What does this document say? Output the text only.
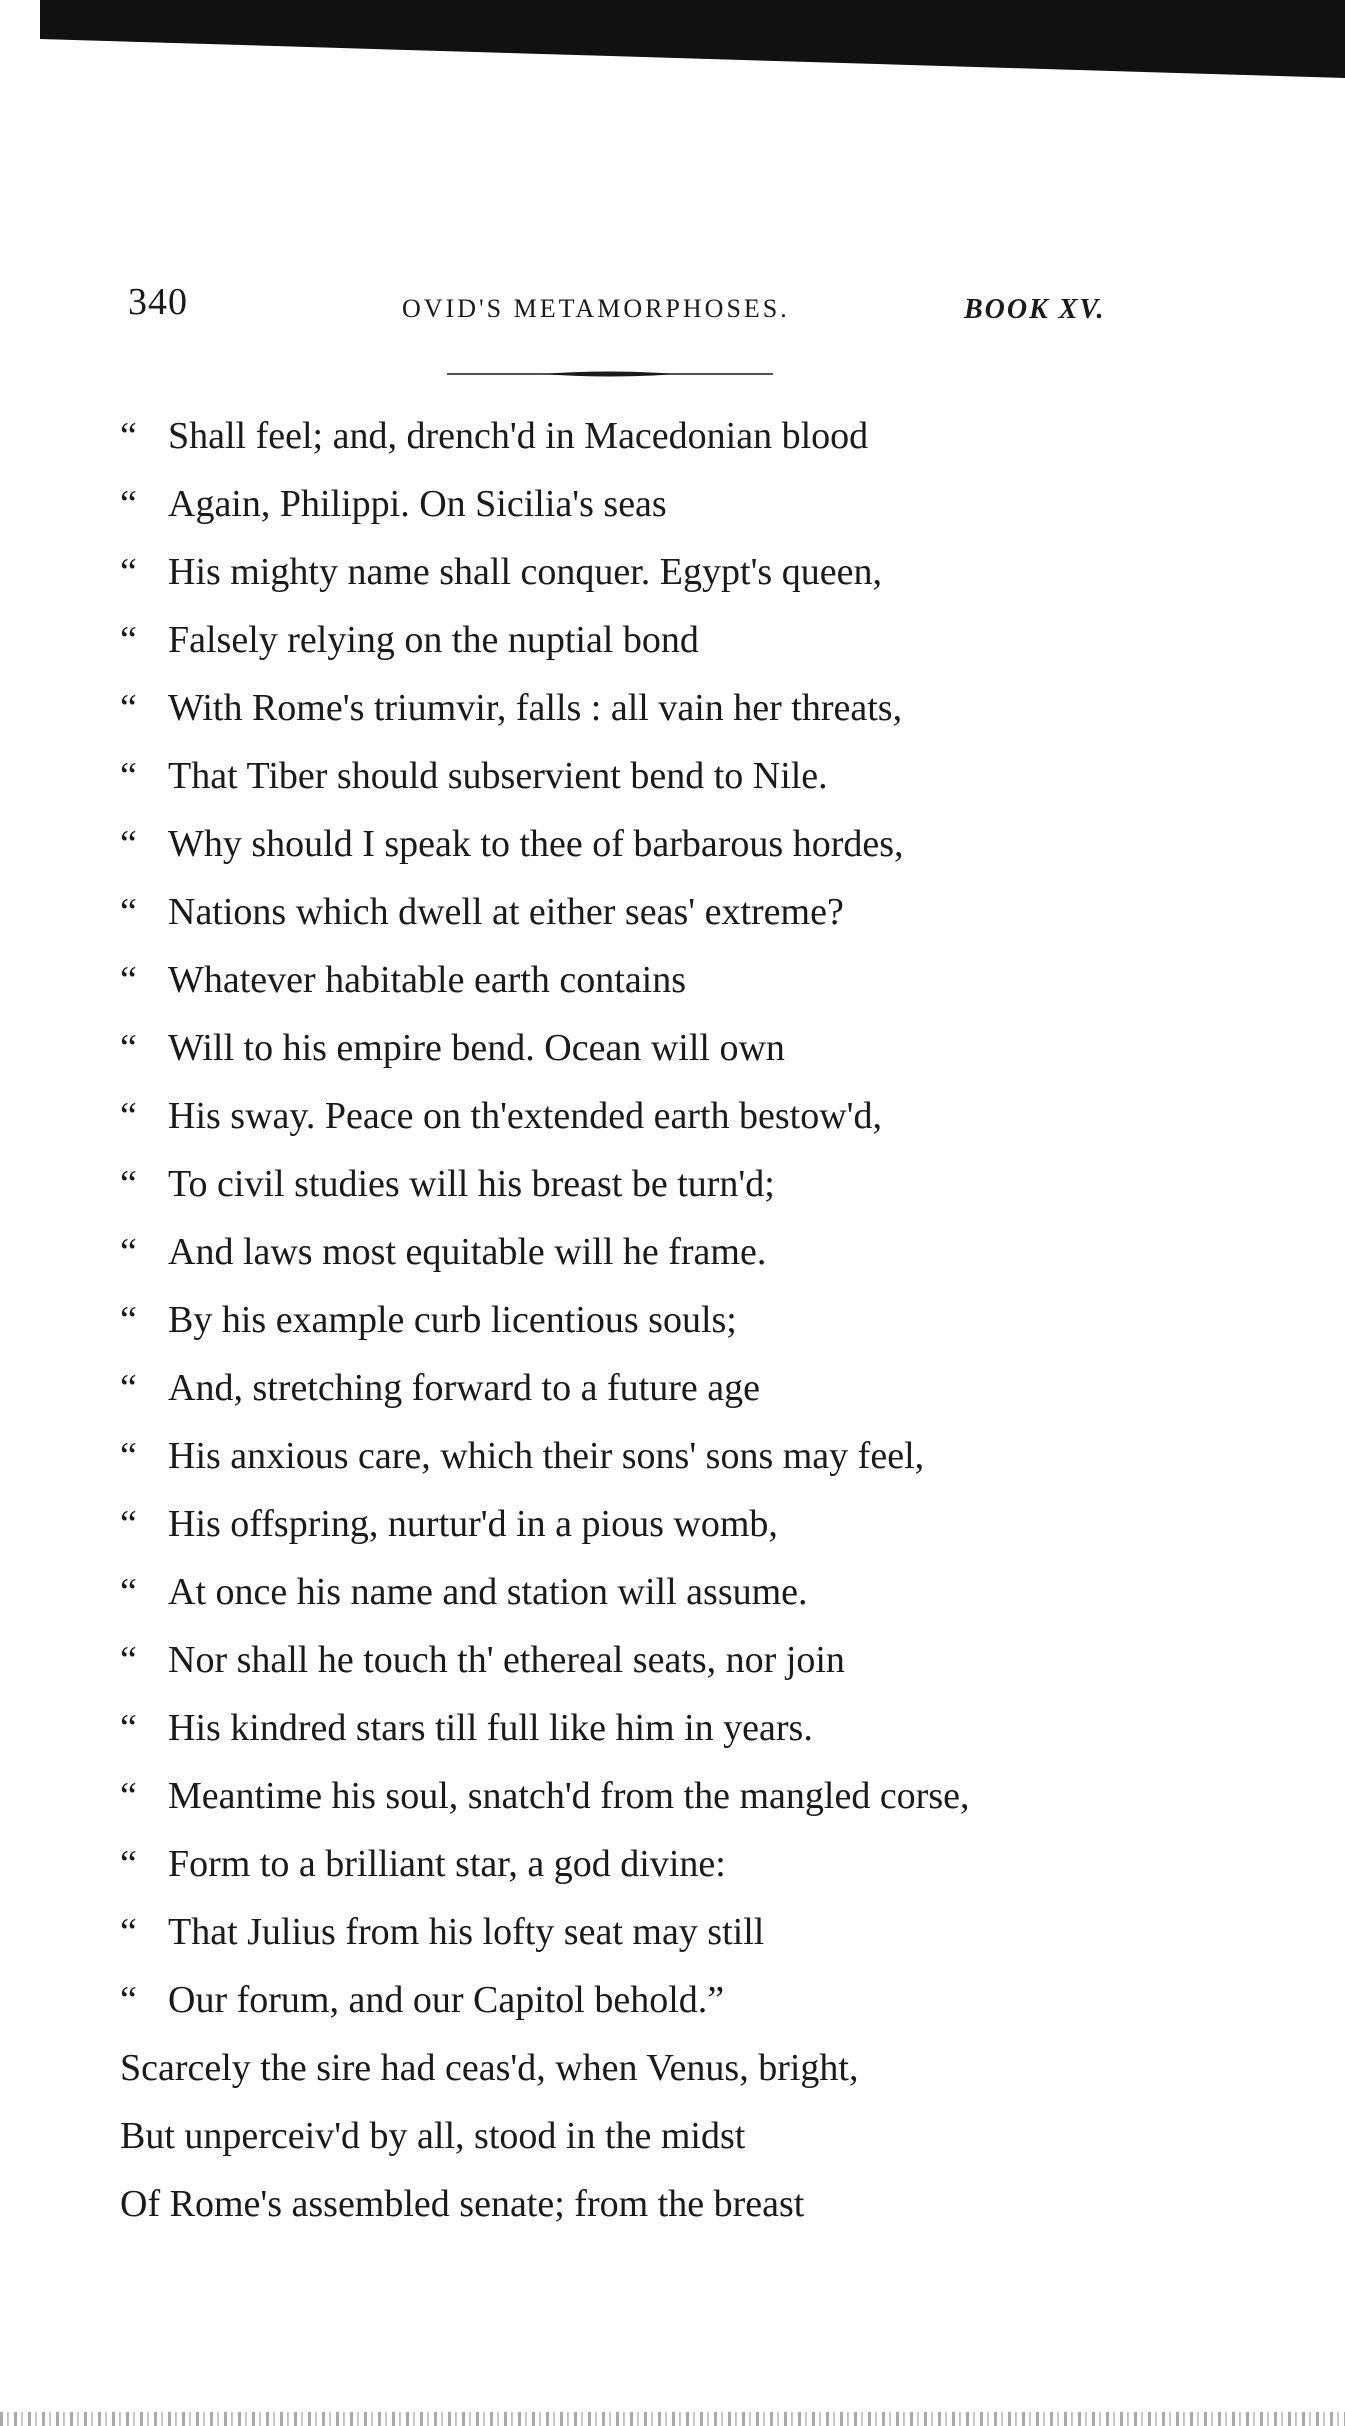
340	OVID'S METAMORPHOSES.	BOOK XV.
“ Shall feel; and, drench'd in Macedonian blood
“ Again, Philippi. On Sicilia's seas
“ His mighty name shall conquer. Egypt's queen,
“ Falsely relying on the nuptial bond
“ With Rome's triumvir, falls : all vain her threats,
“ That Tiber should subservient bend to Nile.
“ Why should I speak to thee of barbarous hordes,
“ Nations which dwell at either seas' extreme?
“ Whatever habitable earth contains
“ Will to his empire bend. Ocean will own
“ His sway. Peace on th'extended earth bestow'd,
“ To civil studies will his breast be turn'd;
“ And laws most equitable will he frame.
“ By his example curb licentious souls;
“ And, stretching forward to a future age
“ His anxious care, which their sons' sons may feel,
“ His offspring, nurtur'd in a pious womb,
“ At once his name and station will assume.
“ Nor shall he touch th' ethereal seats, nor join
“ His kindred stars till full like him in years.
“ Meantime his soul, snatch'd from the mangled corse,
“ Form to a brilliant star, a god divine:
“ That Julius from his lofty seat may still
“ Our forum, and our Capitol behold.”
Scarcely the sire had ceas'd, when Venus, bright,
But unperceiv'd by all, stood in the midst
Of Rome's assembled senate; from the breast
